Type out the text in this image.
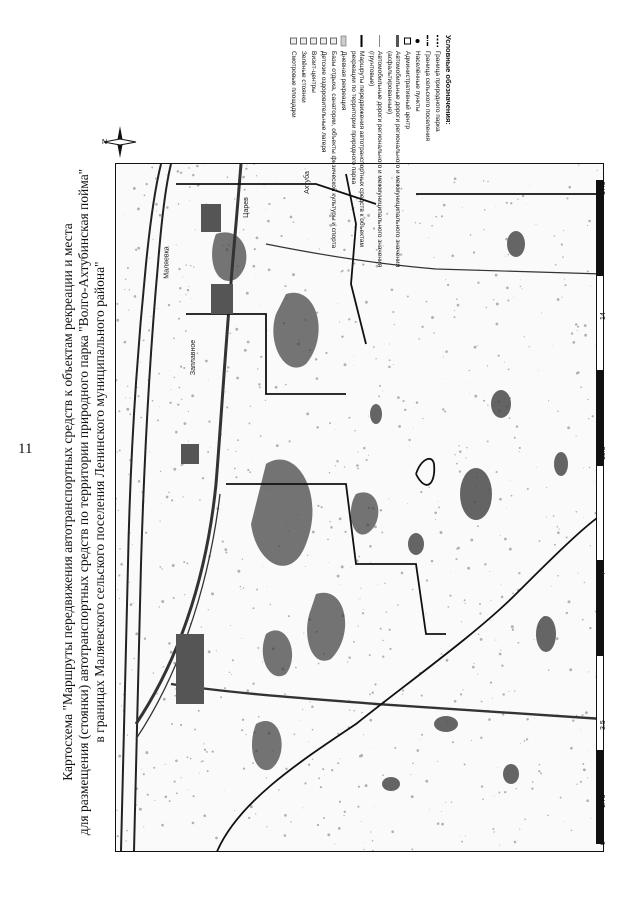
11 Картосхема "Маршруты передвижения автотранспортных средств к объектам рекреации и места для размещения (стоянки) автотранспортных средств по территории природного парка "Волго-Ахтубинская пойма" в границах Маляевского сельского поселения Ленинского муниципального района"
Ахтуба
Заплавное
Маляевка
Царев
0
1.75
3.5
7
10.5
14
17.5
N
Условные обозначения:
Граница природного парка
Граница сельского поселения
Населённые пункты
Административный центр
Автомобильные дороги регионального и межмуниципального значения (асфальтированные)
Автомобильные дороги регионального и межмуниципального значения (грунтовые)
Маршруты передвижения автотранспортных средств к объектам рекреации по территории природного парка
Дневная рекреация
Базы отдыха, санатории, объекты физической культуры и спорта
Детские оздоровительные лагеря
Визит-центры
Зелёные стоянки
Смотровые площадки
